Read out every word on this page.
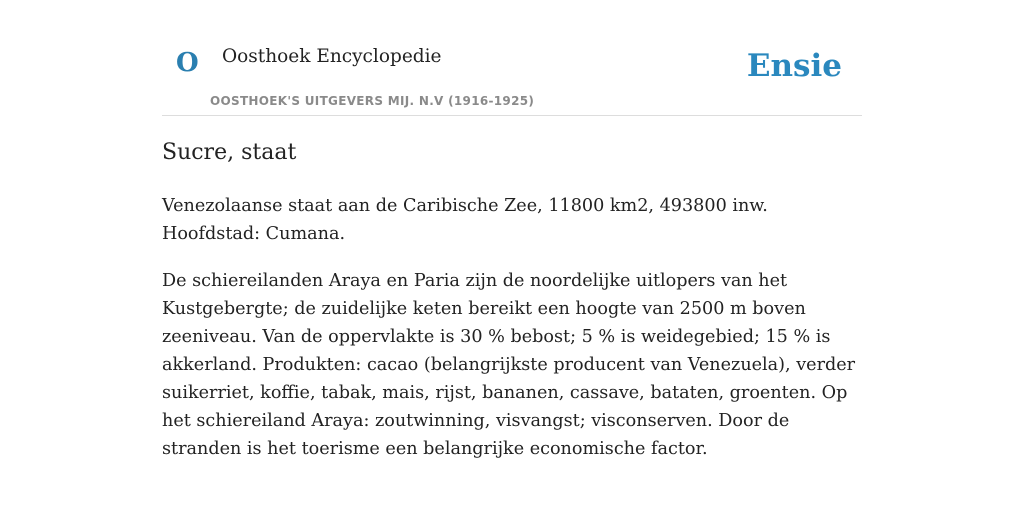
O Oosthoek Encyclopedie	Ensie
OOSTHOEK'S UITGEVERS MIJ. N.V (1916-1925)
Sucre, staat

Venezolaanse staat aan de Caribische Zee, 11800 km2, 493800 inw. Hoofdstad: Cumana.

De schiereilanden Araya en Paria zijn de noordelijke uitlopers van het Kustgebergte; de zuidelijke keten bereikt een hoogte van 2500 m boven zeeniveau. Van de oppervlakte is 30 % bebost; 5 % is weidegebied; 15 % is akkerland. Produkten: cacao (belangrijkste producent van Venezuela), verder suikerriet, koffie, tabak, mais, rijst, bananen, cassave, bataten, groenten. Op het schiereiland Araya: zoutwinning, visvangst; visconserven. Door de stranden is het toerisme een belangrijke economische factor.
